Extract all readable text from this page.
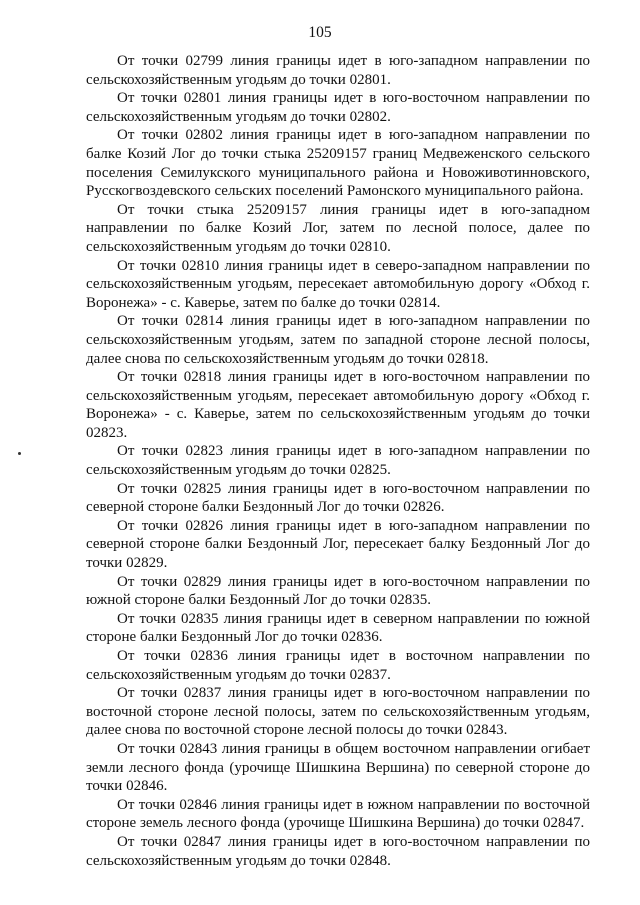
105

От точки 02799 линия границы идет в юго-западном направлении по сельскохозяйственным угодьям до точки 02801.

От точки 02801 линия границы идет в юго-восточном направлении по сельскохозяйственным угодьям до точки 02802.

От точки 02802 линия границы идет в юго-западном направлении по балке Козий Лог до точки стыка 25209157 границ Медвеженского сельского поселения Семилукского муниципального района и Новоживотинновского, Русскогвоздевского сельских поселений Рамонского муниципального района.

От точки стыка 25209157 линия границы идет в юго-западном направлении по балке Козий Лог, затем по лесной полосе, далее по сельскохозяйственным угодьям до точки 02810.

От точки 02810 линия границы идет в северо-западном направлении по сельскохозяйственным угодьям, пересекает автомобильную дорогу «Обход г. Воронежа» - с. Каверье, затем по балке до точки 02814.

От точки 02814 линия границы идет в юго-западном направлении по сельскохозяйственным угодьям, затем по западной стороне лесной полосы, далее снова по сельскохозяйственным угодьям до точки 02818.

От точки 02818 линия границы идет в юго-восточном направлении по сельскохозяйственным угодьям, пересекает автомобильную дорогу «Обход г. Воронежа» - с. Каверье, затем по сельскохозяйственным угодьям до точки 02823.

От точки 02823 линия границы идет в юго-западном направлении по сельскохозяйственным угодьям до точки 02825.

От точки 02825 линия границы идет в юго-восточном направлении по северной стороне балки Бездонный Лог до точки 02826.

От точки 02826 линия границы идет в юго-западном направлении по северной стороне балки Бездонный Лог, пересекает балку Бездонный Лог до точки 02829.

От точки 02829 линия границы идет в юго-восточном направлении по южной стороне балки Бездонный Лог до точки 02835.

От точки 02835 линия границы идет в северном направлении по южной стороне балки Бездонный Лог до точки 02836.

От точки 02836 линия границы идет в восточном направлении по сельскохозяйственным угодьям до точки 02837.

От точки 02837 линия границы идет в юго-восточном направлении по восточной стороне лесной полосы, затем по сельскохозяйственным угодьям, далее снова по восточной стороне лесной полосы до точки 02843.

От точки 02843 линия границы в общем восточном направлении огибает земли лесного фонда (урочище Шишкина Вершина) по северной стороне до точки 02846.

От точки 02846 линия границы идет в южном направлении по восточной стороне земель лесного фонда (урочище Шишкина Вершина) до точки 02847.

От точки 02847 линия границы идет в юго-восточном направлении по сельскохозяйственным угодьям до точки 02848.
